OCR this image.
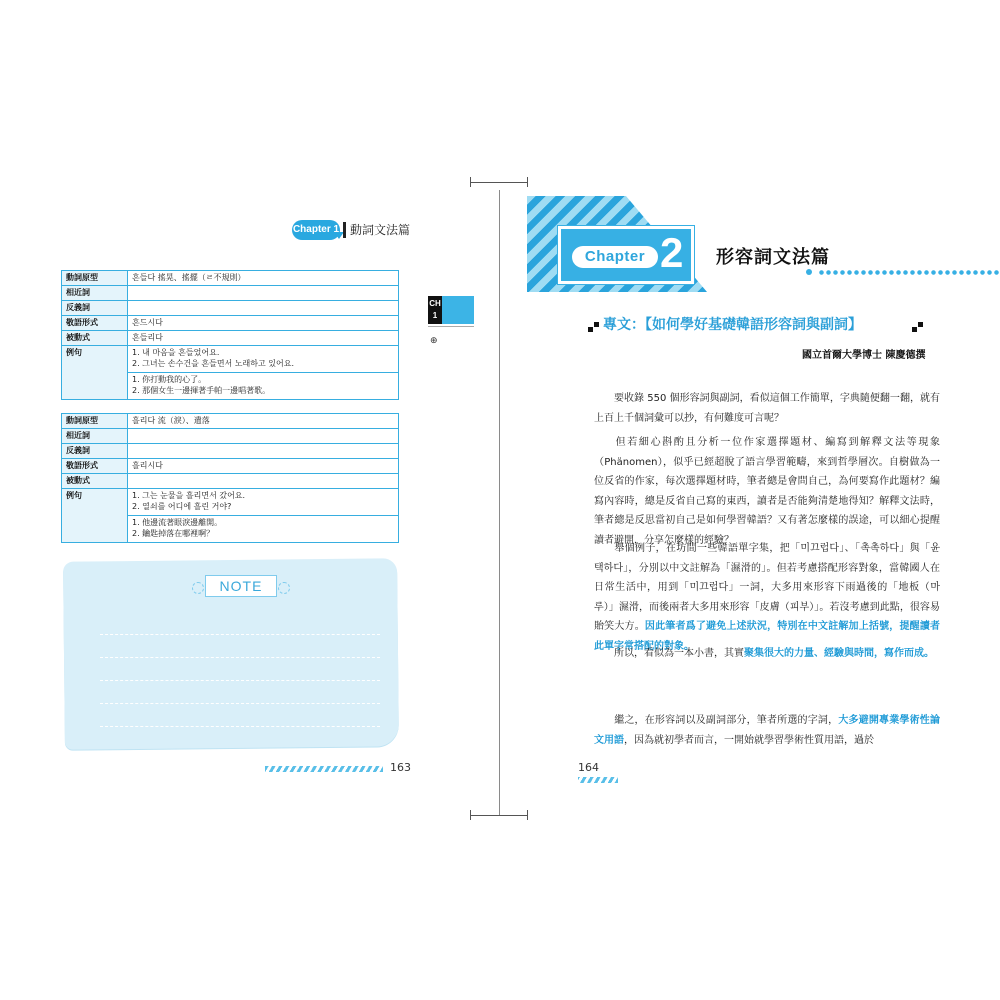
Chapter 1 動詞文法篇
動詞原型	흔들다 搖晃、搖擺（ㄹ不規則）
相近詞	
反義詞	
敬語形式	흔드시다
被動式	흔들리다
例句	1. 내 마음을 흔들었어요.
2. 그녀는 손수건을 흔들면서 노래하고 있어요.

	1. 你打動我的心了。
2. 那個女生一邊揮著手帕一邊唱著歌。
動詞原型	흘리다 流（淚）、遺落
相近詞	
反義詞	
敬語形式	흘리시다
被動式	
例句	1. 그는 눈물을 흘리면서 갔어요.
2. 열쇠를 어디에 흘린 거야?

	1. 他邊流著眼淚邊離開。
2. 鑰匙掉落在哪裡啊？
CH
1
⊕
NOTE
163
Chapter 2 形容詞文法篇
專文：【如何學好基礎韓語形容詞與副詞】
國立首爾大學博士 陳慶德撰
要收錄 550 個形容詞與副詞，看似這個工作簡單，字典隨便翻一翻，就有上百上千個詞彙可以抄，有何難度可言呢？
但若細心斟酌且分析一位作家選擇題材、編寫到解釋文法等現象（Phänomen），似乎已經超脫了語言學習範疇，來到哲學層次。自樹做為一位反省的作家，每次選擇題材時，筆者總是會問自己，為何要寫作此題材？編寫內容時，總是反省自己寫的東西，讀者是否能夠清楚地得知？解釋文法時，筆者總是反思當初自己是如何學習韓語？又有著怎麼樣的誤途，可以細心提醒讀者避開，分享怎麼樣的經驗？
舉個例子，在坊間一些韓語單字集，把「미끄럽다」、「촉촉하다」與「윤택하다」，分別以中文註解為「濕滑的」。但若考慮搭配形容對象，當韓國人在日常生活中，用到「미끄럽다」一詞，大多用來形容下雨過後的「地板（마루）」濕滑，而後兩者大多用來形容「皮膚（피부）」。若沒考慮到此點，很容易貽笑大方。因此筆者爲了避免上述狀況，特別在中文註解加上括號，提醒讀者此單字常搭配的對象。
所以，看似為一本小書，其實聚集很大的力量、經驗與時間，寫作而成。
繼之，在形容詞以及副詞部分，筆者所選的字詞，大多避開專業學術性論文用語，因為就初學者而言，一開始就學習學術性質用語，過於
164
